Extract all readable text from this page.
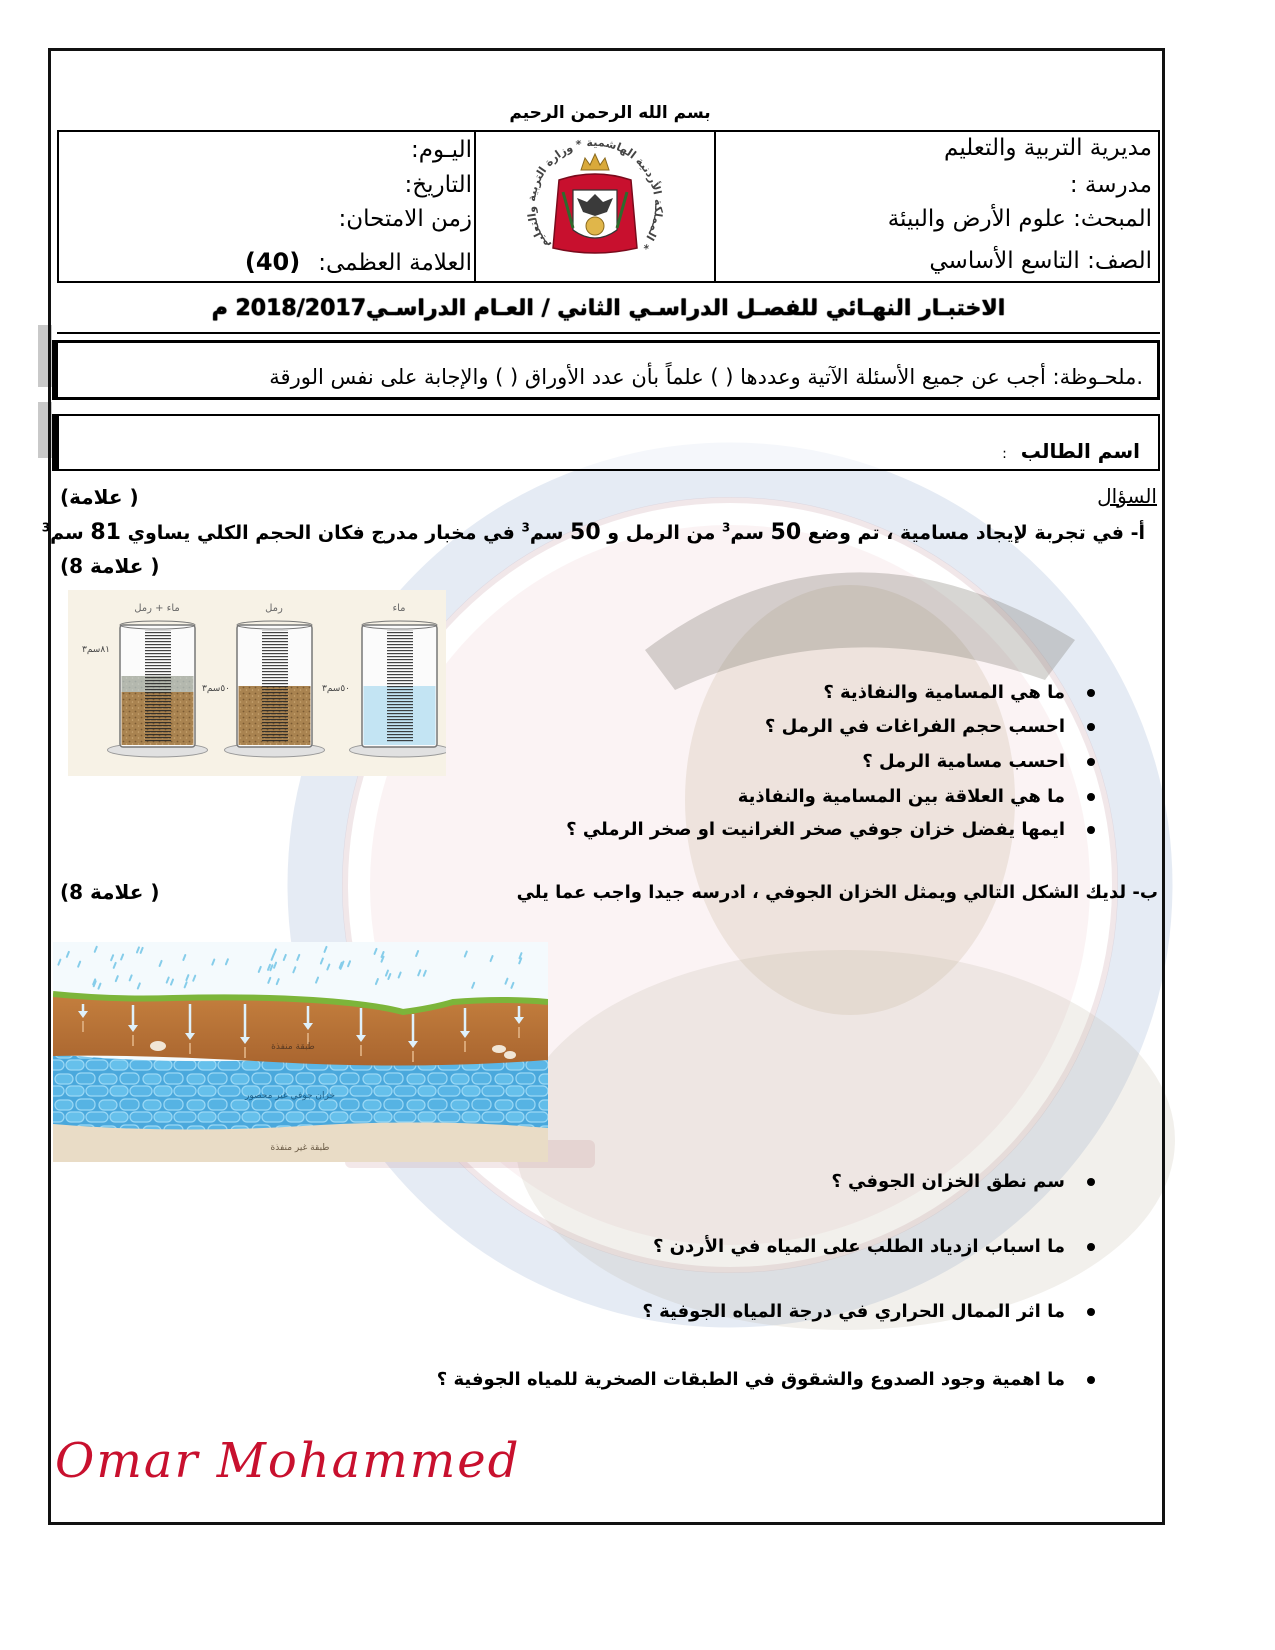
بسم الله الرحمن الرحيم
مديرية التربية والتعليم
مدرسة :
المبحث: علوم الأرض والبيئة
الصف: التاسع الأساسي
اليـوم:
التاريخ:
زمن الامتحان:
العلامة العظمى:(40)
المملكة الأردنية الهاشمية * وزارة التربية والتعليم *
الاختبـار النهـائي للفصـل الدراسـي الثاني / العـام الدراسـي2018/2017 م
.ملحـوظة: أجب عن جميع الأسئلة الآتية وعددها ( ) علماً بأن عدد الأوراق ( ) والإجابة على نفس الورقة
اسم الطالب:
السؤال
(علامة )
أ- في تجربة لإيجاد مسامية ، تم وضع 50 سم$^3$ من الرمل و 50 سم$^3$ في مخبار مدرج فكان الحجم الكلي يساوي 81 سم$^3$
(8 علامة )
ماء + رمل	رمل	ماء
٨١سم٣
٥٠سم٣	٥٠سم٣	ما هي المسامية والنفاذية ؟
احسب حجم الفراغات في الرمل ؟
احسب مسامية الرمل ؟
ما هي العلاقة بين المسامية والنفاذية
ايمها يفضل خزان جوفي صخر الغرانيت او صخر الرملي ؟
ب- لديك الشكل التالي ويمثل الخزان الجوفي ، ادرسه جيدا واجب عما يلي
(8 علامة )
طبقة منفذة
خزان جوفي غير محصور
طبقة غير منفذة
سم نطق الخزان الجوفي ؟
ما اسباب ازدياد الطلب على المياه في الأردن ؟
ما اثر الممال الحراري في درجة المياه الجوفية ؟
ما اهمية وجود الصدوع والشقوق في الطبقات الصخرية للمياه الجوفية ؟
Omar Mohammed
